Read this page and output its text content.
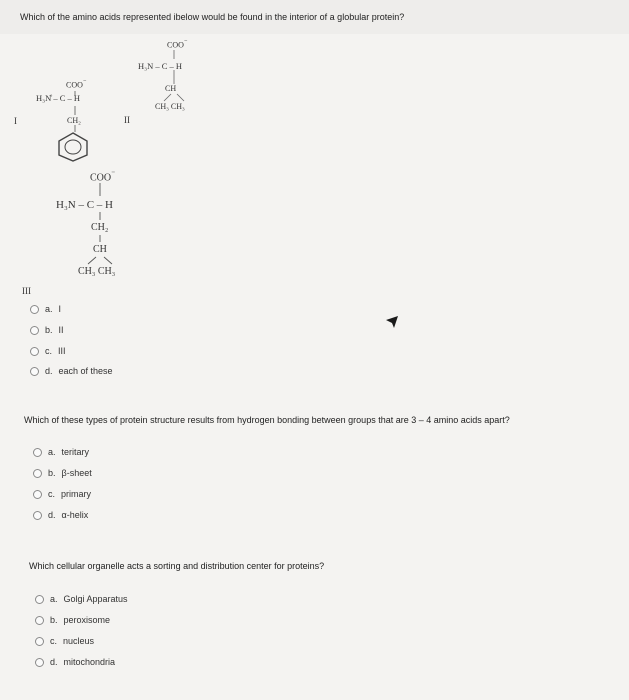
Which of the amino acids represented ibelow would be found in the interior of a globular protein?
I
COO⁻
H₃N̊ – C – H
CH₂	II
COO⁻
H₃N – C – H
CH
CH₃ CH₃
III
COO⁻
H₃N – C – H
CH₂
CH
CH₃ CH₃
a. I
b. II
c. III
d. each of these
Which of these types of protein structure results from hydrogen bonding between groups that are 3 – 4 amino acids apart?
a. teritary
b. β-sheet
c. primary
d. α-helix
Which cellular organelle acts a sorting and distribution center for proteins?
a. Golgi Apparatus
b. peroxisome
c. nucleus
d. mitochondria
